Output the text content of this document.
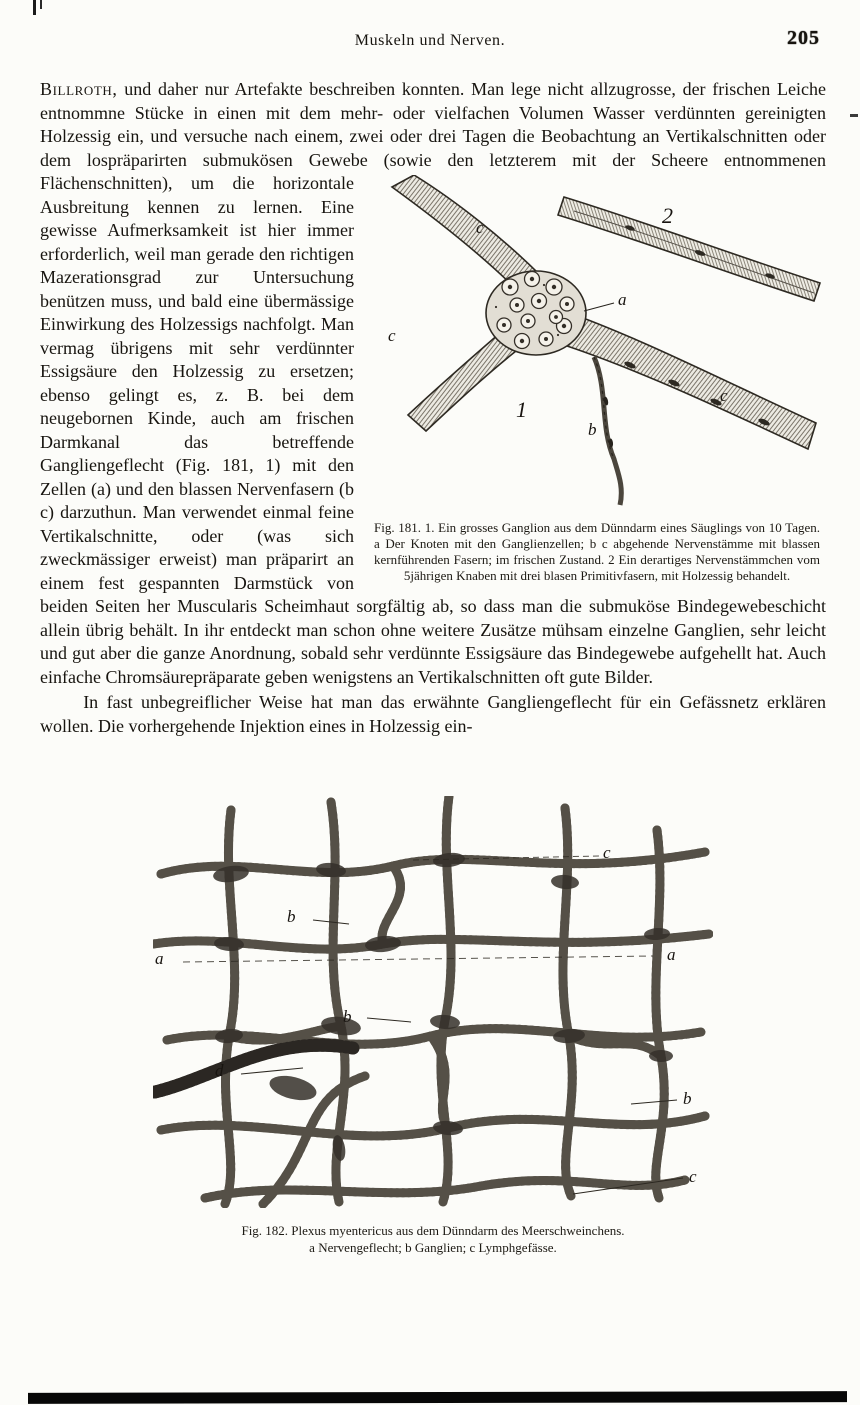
Muskeln und Nerven.	205

Billroth, und daher nur Artefakte beschreiben konnten. Man lege nicht allzugrosse, der frischen Leiche entnommne Stücke in einen mit dem mehr- oder vielfachen Volumen Wasser verdünnten gereinigten Holzessig ein, und versuche nach einem, zwei oder drei Tagen die Beobachtung an Vertikalschnitten oder dem lospräparirten submukösen Gewebe (sowie den letzterem mit der Scheere entnommenen
c
a
c
1
b
c
2
Fig. 181. 1. Ein grosses Ganglion aus dem Dünndarm eines Säuglings von 10 Tagen. a Der Knoten mit den Ganglienzellen; b c abgehende Nervenstämme mit blassen kernführenden Fasern; im frischen Zustand. 2 Ein derartiges Nervenstämmchen vom 5jährigen Knaben mit drei blasen Primitivfasern, mit Holzessig behandelt.
Flächenschnitten), um die horizontale Ausbreitung kennen zu lernen. Eine gewisse Aufmerksamkeit ist hier immer erforderlich, weil man gerade den richtigen Mazerationsgrad zur Untersuchung benützen muss, und bald eine übermässige Einwirkung des Holzessigs nachfolgt. Man vermag übrigens mit sehr verdünnter Essigsäure den Holzessig zu ersetzen; ebenso gelingt es, z. B. bei dem neugebornen Kinde, auch am frischen Darmkanal das betreffende Gangliengeflecht (Fig. 181, 1) mit den Zellen (a) und den blassen Nervenfasern (b c) darzuthun. Man verwendet einmal feine Vertikalschnitte, oder (was sich zweckmässiger erweist) man präparirt an einem fest gespannten Darmstück von beiden Seiten her Muscularis Scheimhaut sorgfältig ab, so dass man die submuköse Bindegewebeschicht allein übrig behält. In ihr entdeckt man schon ohne weitere Zusätze mühsam einzelne Ganglien, sehr leicht und gut aber die ganze Anordnung, sobald sehr verdünnte Essigsäure das Bindegewebe aufgehellt hat. Auch einfache Chromsäurepräparate geben wenigstens an Vertikalschnitten oft gute Bilder.

In fast unbegreiflicher Weise hat man das erwähnte Gangliengeflecht für ein Gefässnetz erklären wollen. Die vorhergehende Injektion eines in Holzessig ein-

c
b
a	a
b
d
b
c
Fig. 182. Plexus myentericus aus dem Dünndarm des Meerschweinchens.
a Nervengeflecht; b Ganglien; c Lymphgefässe.
